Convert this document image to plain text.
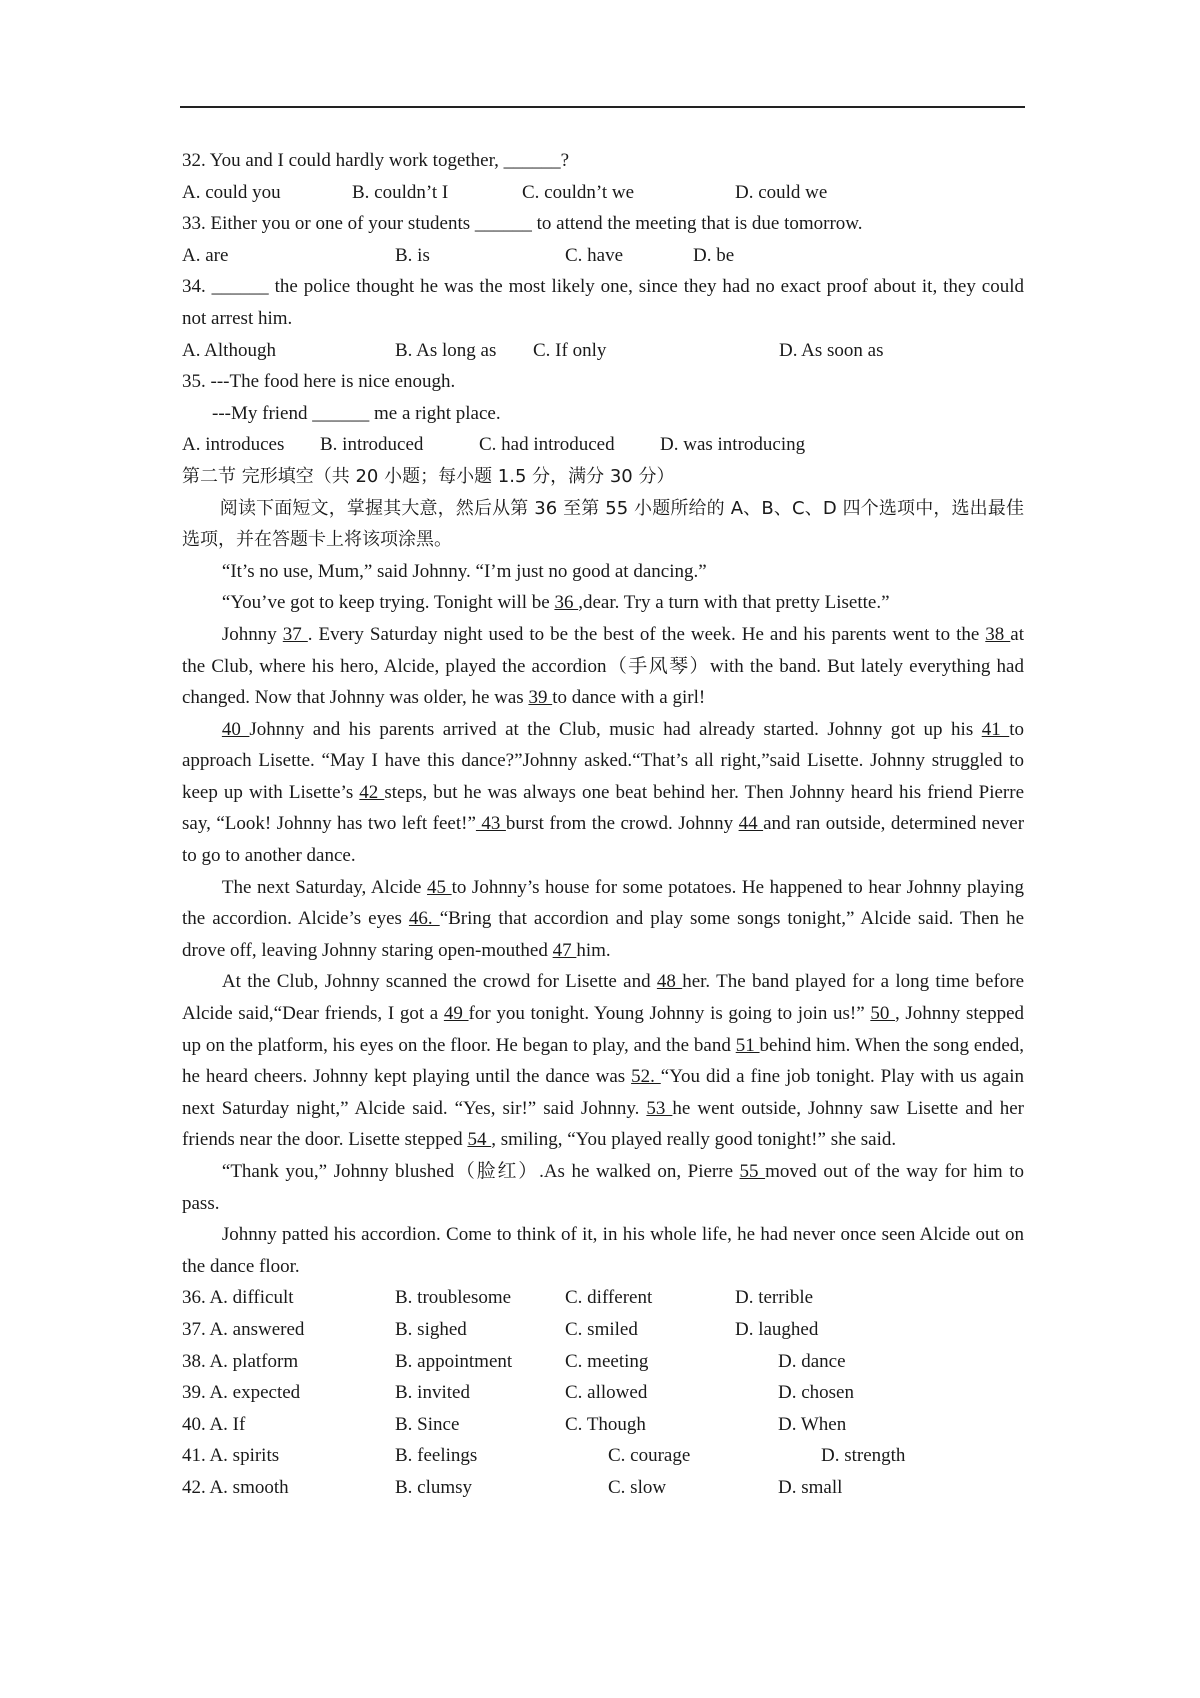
32. You and I could hardly work together, ______?
A. could you	B. couldn’t I	C. couldn’t we	D. could we
33. Either you or one of your students ______ to attend the meeting that is due tomorrow.
A. are	B. is	C. have	D. be
34. ______ the police thought he was the most likely one, since they had no exact proof about it, they could not arrest him.
A. Although	B. As long as	C. If only	D. As soon as
35. ---The food here is nice enough.
---My friend ______ me a right place.
A. introduces	B. introduced	C. had introduced	D. was introducing
第二节 完形填空（共 20 小题；每小题 1.5 分，满分 30 分）
阅读下面短文，掌握其大意，然后从第 36 至第 55 小题所给的 A、B、C、D 四个选项中，选出最佳选项，并在答题卡上将该项涂黑。
“It’s no use, Mum,” said Johnny. “I’m just no good at dancing.”
“You’ve got to keep trying. Tonight will be 36 ,dear. Try a turn with that pretty Lisette.”
Johnny 37 . Every Saturday night used to be the best of the week. He and his parents went to the 38 at the Club, where his hero, Alcide, played the accordion（手风琴）with the band. But lately everything had changed. Now that Johnny was older, he was 39 to dance with a girl!
40 Johnny and his parents arrived at the Club, music had already started. Johnny got up his 41 to approach Lisette. “May I have this dance?”Johnny asked.“That’s all right,”said Lisette. Johnny struggled to keep up with Lisette’s 42 steps, but he was always one beat behind her. Then Johnny heard his friend Pierre say, “Look! Johnny has two left feet!” 43 burst from the crowd. Johnny 44 and ran outside, determined never to go to another dance.
The next Saturday, Alcide 45 to Johnny’s house for some potatoes. He happened to hear Johnny playing the accordion. Alcide’s eyes 46. “Bring that accordion and play some songs tonight,” Alcide said. Then he drove off, leaving Johnny staring open-mouthed 47 him.
At the Club, Johnny scanned the crowd for Lisette and 48 her. The band played for a long time before Alcide said,“Dear friends, I got a 49 for you tonight. Young Johnny is going to join us!” 50 , Johnny stepped up on the platform, his eyes on the floor. He began to play, and the band 51 behind him. When the song ended, he heard cheers. Johnny kept playing until the dance was 52. “You did a fine job tonight. Play with us again next Saturday night,” Alcide said. “Yes, sir!” said Johnny. 53 he went outside, Johnny saw Lisette and her friends near the door. Lisette stepped 54 , smiling, “You played really good tonight!” she said.
“Thank you,” Johnny blushed（脸红）.As he walked on, Pierre 55 moved out of the way for him to pass.
Johnny patted his accordion. Come to think of it, in his whole life, he had never once seen Alcide out on the dance floor.
36. A. difficult	B. troublesome	C. different	D. terrible
37. A. answered	B. sighed	C. smiled	D. laughed
38. A. platform	B. appointment	C. meeting	D. dance
39. A. expected	B. invited	C. allowed	D. chosen
40. A. If	B. Since	C. Though	D. When
41. A. spirits	B. feelings	C. courage	D. strength
42. A. smooth	B. clumsy	C. slow	D. small
